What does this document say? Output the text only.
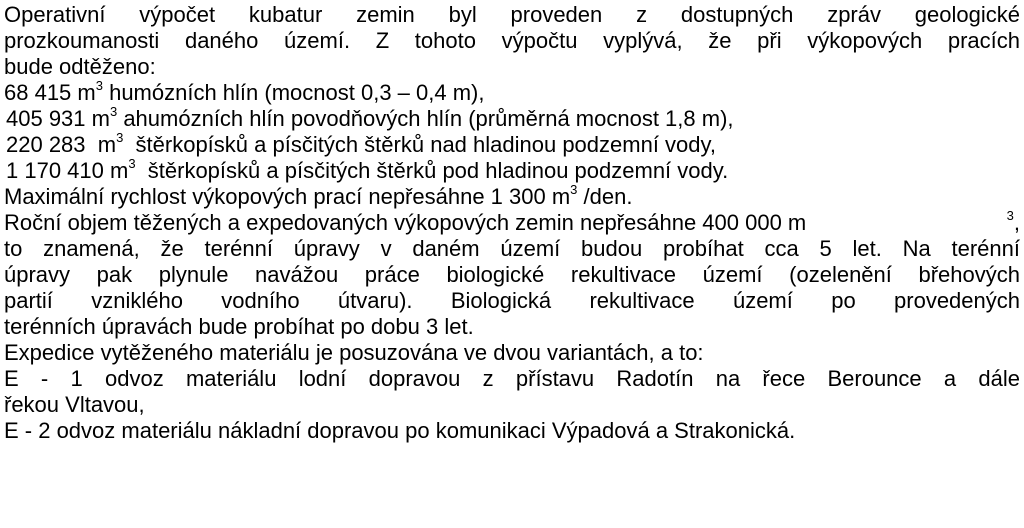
Operativní výpočet kubatur zemin byl proveden z dostupných zpráv geologické
prozkoumanosti daného území. Z tohoto výpočtu vyplývá, že při výkopových pracích
bude odtěženo:
68 415 $m^3$ humózních hlín (mocnost 0,3 – 0,4 m),
405 931 $m^3$ ahumózních hlín povodňových hlín (průměrná mocnost 1,8 m),
220 283  $m^3$  štěrkopísků a písčitých štěrků nad hladinou podzemní vody,
1 170 410 $m^3$  štěrkopísků a písčitých štěrků pod hladinou podzemní vody.
Maximální rychlost výkopových prací nepřesáhne 1 300 $m^3$ /den.
Roční objem těžených a expedovaných výkopových zemin nepřesáhne 400 000 m	$^3$,
to znamená, že terénní úpravy v daném území budou probíhat cca 5 let. Na terénní
úpravy pak plynule navážou práce biologické rekultivace území (ozelenění břehových
partií vzniklého vodního útvaru). Biologická rekultivace území po provedených
terénních úpravách bude probíhat po dobu 3 let.
Expedice vytěženého materiálu je posuzována ve dvou variantách, a to:
E - 1 odvoz materiálu lodní dopravou z přístavu Radotín na řece Berounce a dále
řekou Vltavou,
E - 2 odvoz materiálu nákladní dopravou po komunikaci Výpadová a Strakonická.
